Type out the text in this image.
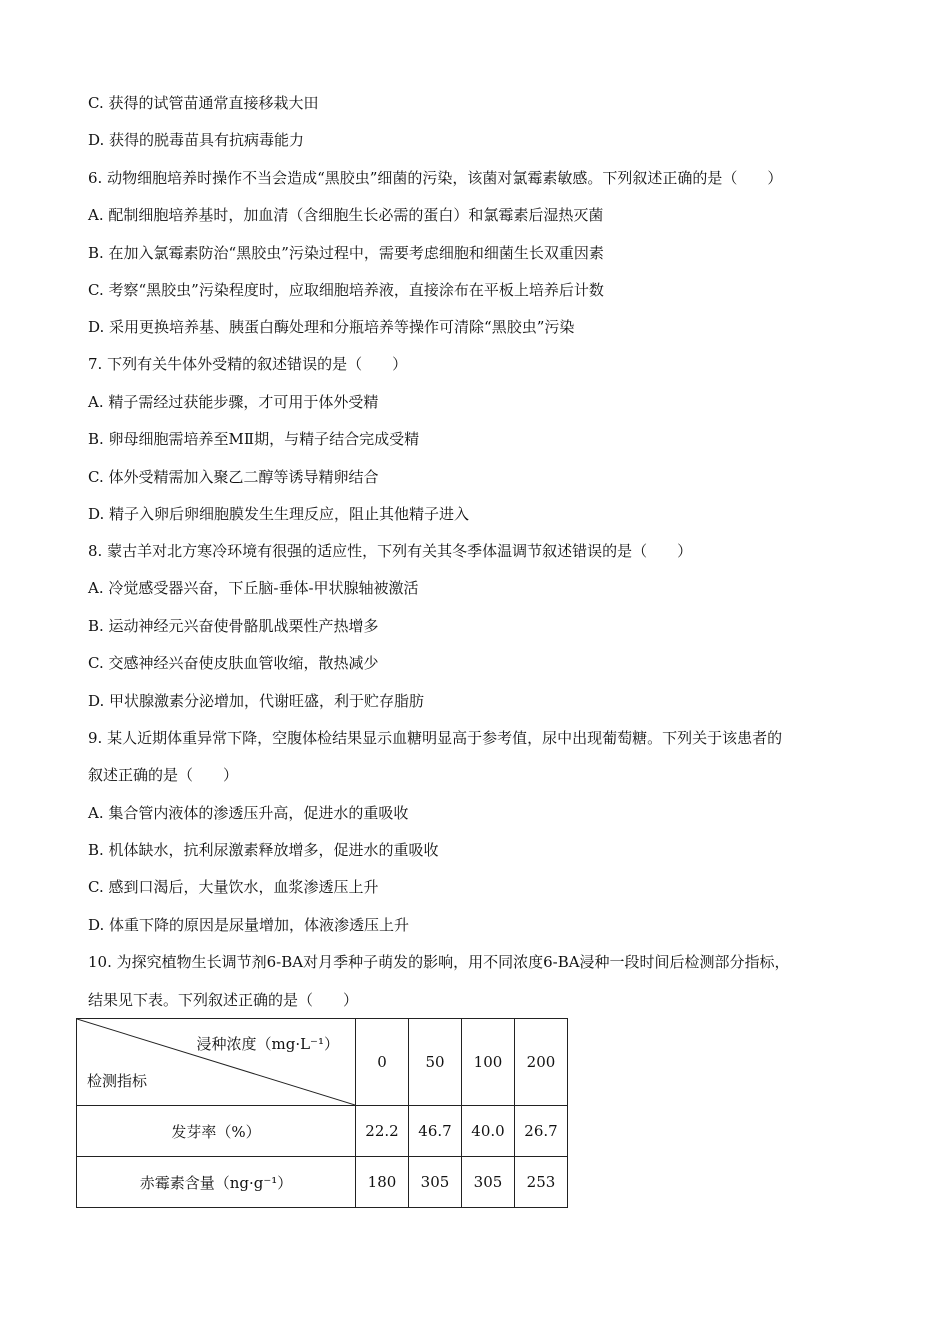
C. 获得的试管苗通常直接移栽大田
D. 获得的脱毒苗具有抗病毒能力
6. 动物细胞培养时操作不当会造成“黑胶虫”细菌的污染，该菌对氯霉素敏感。下列叙述正确的是（　　）
A. 配制细胞培养基时，加血清（含细胞生长必需的蛋白）和氯霉素后湿热灭菌
B. 在加入氯霉素防治“黑胶虫”污染过程中，需要考虑细胞和细菌生长双重因素
C. 考察“黑胶虫”污染程度时，应取细胞培养液，直接涂布在平板上培养后计数
D. 采用更换培养基、胰蛋白酶处理和分瓶培养等操作可清除“黑胶虫”污染
7. 下列有关牛体外受精的叙述错误的是（　　）
A. 精子需经过获能步骤，才可用于体外受精
B. 卵母细胞需培养至MⅡ期，与精子结合完成受精
C. 体外受精需加入聚乙二醇等诱导精卵结合
D. 精子入卵后卵细胞膜发生生理反应，阻止其他精子进入
8. 蒙古羊对北方寒冷环境有很强的适应性，下列有关其冬季体温调节叙述错误的是（　　）
A. 冷觉感受器兴奋，下丘脑-垂体-甲状腺轴被激活
B. 运动神经元兴奋使骨骼肌战栗性产热增多
C. 交感神经兴奋使皮肤血管收缩，散热减少
D. 甲状腺激素分泌增加，代谢旺盛，利于贮存脂肪
9. 某人近期体重异常下降，空腹体检结果显示血糖明显高于参考值，尿中出现葡萄糖。下列关于该患者的
叙述正确的是（　　）
A. 集合管内液体的渗透压升高，促进水的重吸收
B. 机体缺水，抗利尿激素释放增多，促进水的重吸收
C. 感到口渴后，大量饮水，血浆渗透压上升
D. 体重下降的原因是尿量增加，体液渗透压上升
10. 为探究植物生长调节剂6-BA对月季种子萌发的影响，用不同浓度6-BA浸种一段时间后检测部分指标，
结果见下表。下列叙述正确的是（　　）
浸种浓度（mg·L⁻¹）
检测指标	0	50	100	200
发芽率（%）	22.2	46.7	40.0	26.7
赤霉素含量（ng·g⁻¹）	180	305	305	253
